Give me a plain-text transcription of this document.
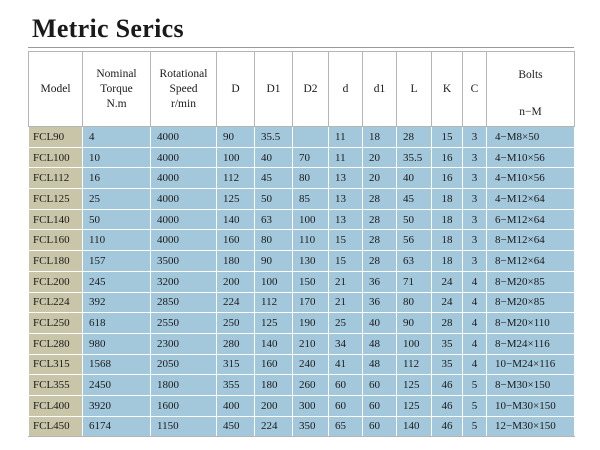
Metric Serics
Model	Nominal
Torque
N.m	Rotational
Speed
r/min	D	D1	D2	d	d1	L	K	C	Bolts
n−M

FCL90	4	4000	90	35.5		11	18	28	15	3	4−M8×50
FCL100	10	4000	100	40	70	11	20	35.5	16	3	4−M10×56
FCL112	16	4000	112	45	80	13	20	40	16	3	4−M10×56
FCL125	25	4000	125	50	85	13	28	45	18	3	4−M12×64
FCL140	50	4000	140	63	100	13	28	50	18	3	6−M12×64
FCL160	110	4000	160	80	110	15	28	56	18	3	8−M12×64
FCL180	157	3500	180	90	130	15	28	63	18	3	8−M12×64
FCL200	245	3200	200	100	150	21	36	71	24	4	8−M20×85
FCL224	392	2850	224	112	170	21	36	80	24	4	8−M20×85
FCL250	618	2550	250	125	190	25	40	90	28	4	8−M20×110
FCL280	980	2300	280	140	210	34	48	100	35	4	8−M24×116
FCL315	1568	2050	315	160	240	41	48	112	35	4	10−M24×116
FCL355	2450	1800	355	180	260	60	60	125	46	5	8−M30×150
FCL400	3920	1600	400	200	300	60	60	125	46	5	10−M30×150
FCL450	6174	1150	450	224	350	65	60	140	46	5	12−M30×150
